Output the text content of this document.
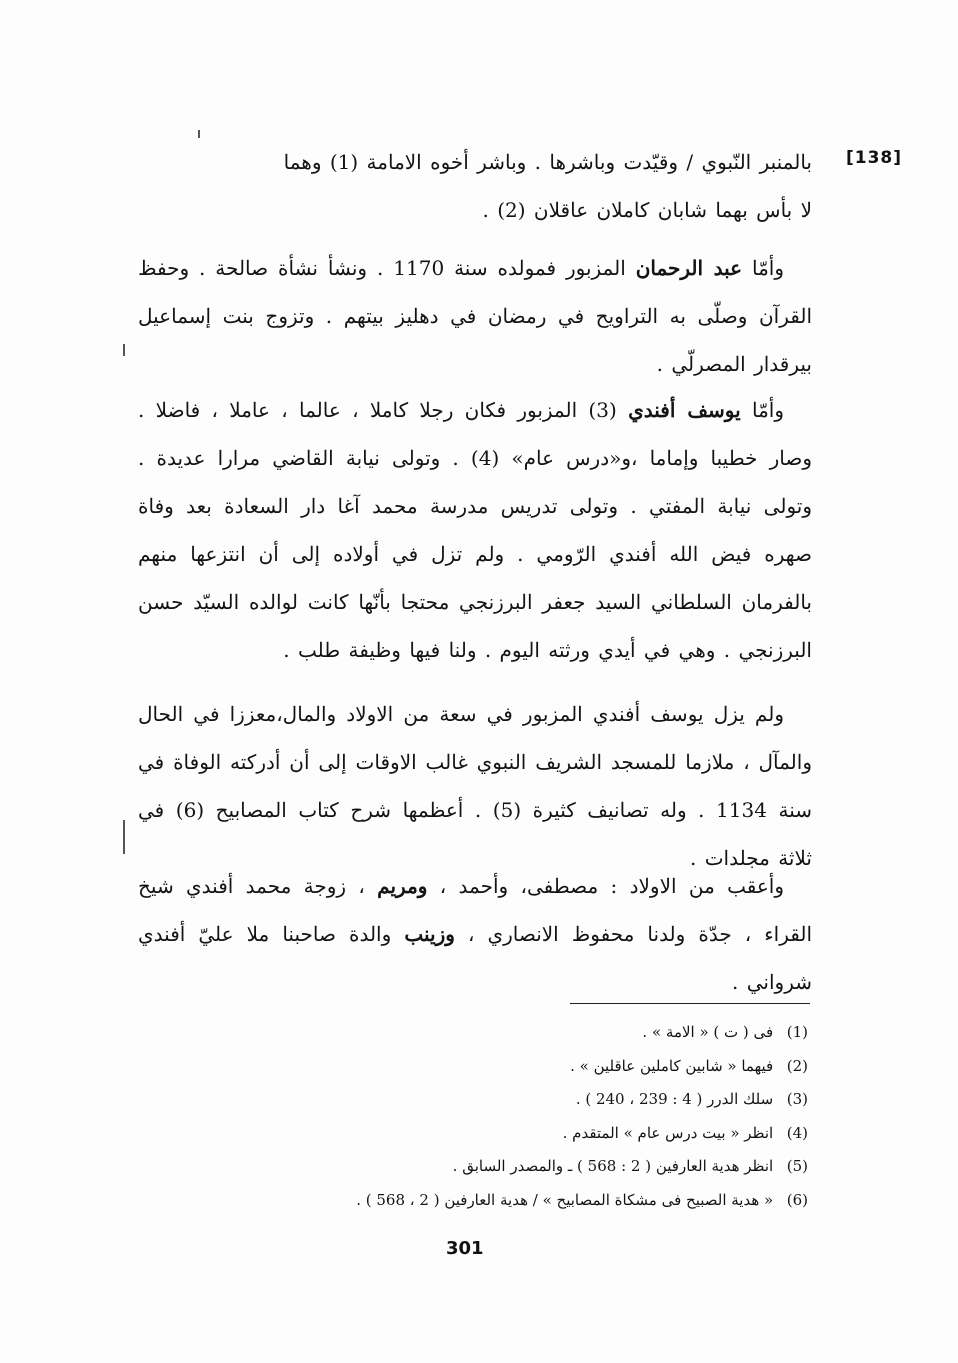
[138]

بالمنبر النّبوي / وقيّدت وباشرها . وباشر أخوه الامامة (1) وهما
لا بأس بهما شابان كاملان عاقلان (2) .

وأمّا عبد الرحمان المزبور فمولده سنة 1170 . ونشأ نشأة صالحة . وحفظ القرآن وصلّى به التراويح في رمضان في دهليز بيتهم . وتزوج بنت إسماعيل بيرقدار المصرلّي .

وأمّا يوسف أفندي (3) المزبور فكان رجلا كاملا ، عالما ، عاملا ، فاضلا . وصار خطيبا وإماما ،و«درس عام» (4) . وتولى نيابة القاضي مرارا عديدة . وتولى نيابة المفتي . وتولى تدريس مدرسة محمد آغا دار السعادة بعد وفاة صهره فيض الله أفندي الرّومي . ولم تزل في أولاده إلى أن انتزعها منهم بالفرمان السلطاني السيد جعفر البرزنجي محتجا بأنّها كانت لوالده السيّد حسن البرزنجي . وهي في أيدي ورثته اليوم . ولنا فيها وظيفة طلب .

ولم يزل يوسف أفندي المزبور في سعة من الاولاد والمال،معززا في الحال والمآل ، ملازما للمسجد الشريف النبوي غالب الاوقات إلى أن أدركته الوفاة في سنة 1134 . وله تصانيف كثيرة (5) . أعظمها شرح كتاب المصابيح (6) في ثلاثة مجلدات .

وأعقب من الاولاد : مصطفى، وأحمد ، ومريم ، زوجة محمد أفندي شيخ القراء ، جدّة ولدنا محفوظ الانصاري ، وزينب والدة صاحبنا ملا عليّ أفندي شرواني .

(1) فى ( ت ) « الامة » .
(2) فيهما « شابين كاملين عاقلين » .
(3) سلك الدرر ( 4 : 239 ، 240 ) .
(4) انظر « بيت درس عام » المتقدم .
(5) انظر هدية العارفين ( 2 : 568 ) ـ والمصدر السابق .
(6) « هدية الصبيح فى مشكاة المصابيح » / هدية العارفين ( 2 ، 568 ) .
301
